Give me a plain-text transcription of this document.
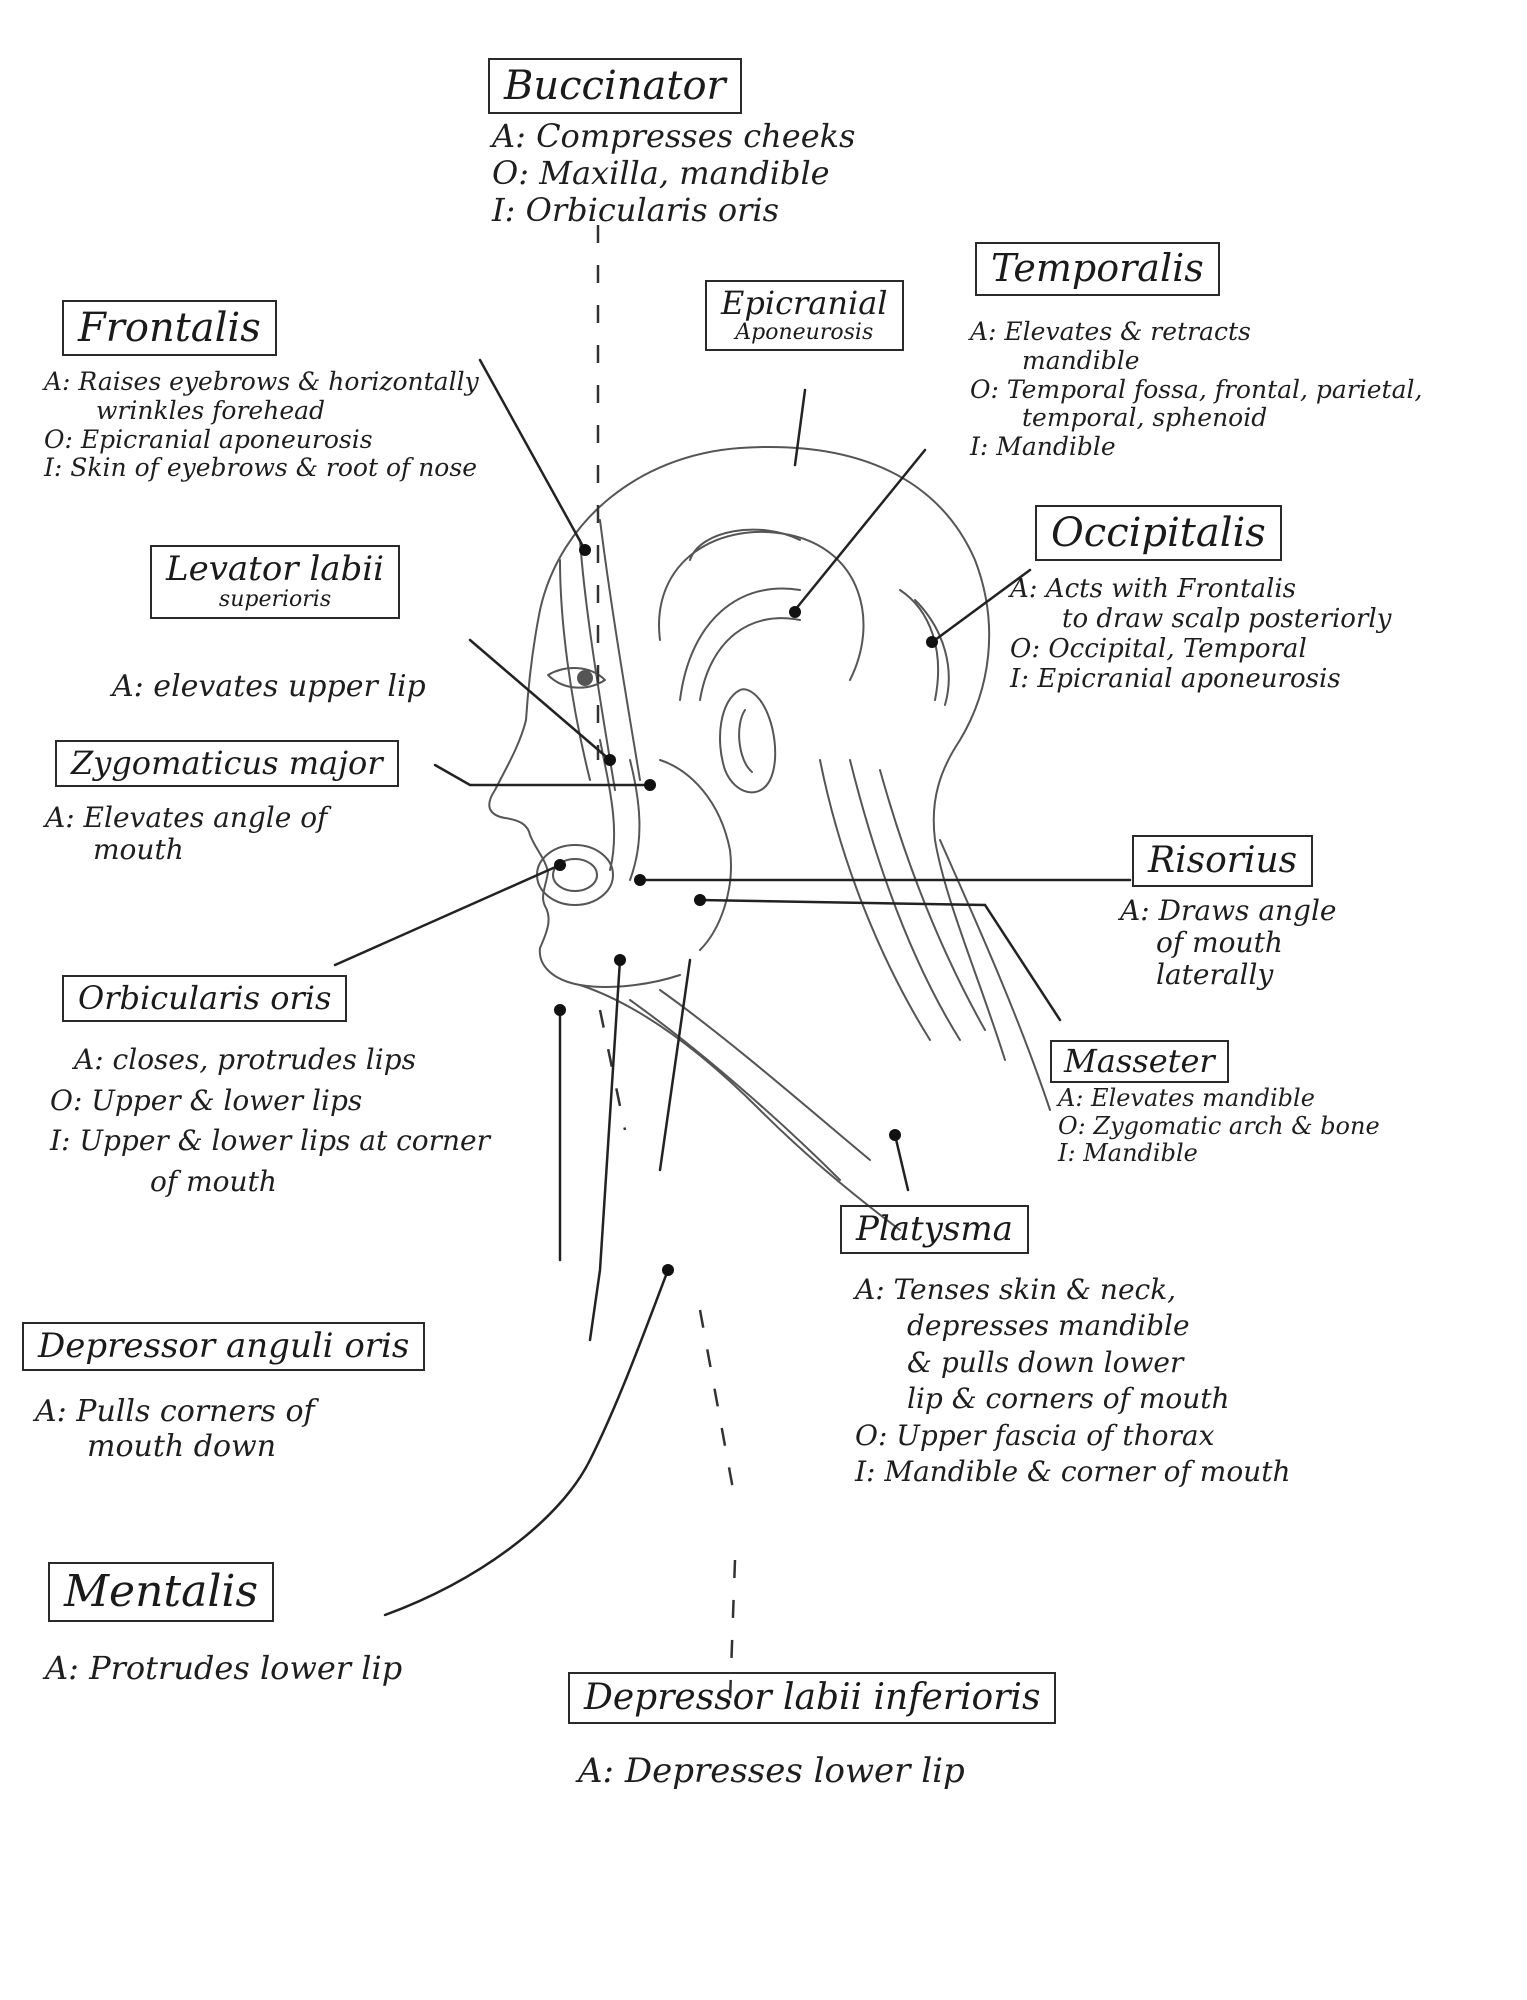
Buccinator
A: Compresses cheeks
O: Maxilla, mandible
I: Orbicularis oris
Frontalis
A: Raises eyebrows & horizontally
wrinkles forehead
O: Epicranial aponeurosis
I: Skin of eyebrows & root of nose
Epicranial
Aponeurosis
Temporalis
A: Elevates & retracts
mandible
O: Temporal fossa, frontal, parietal,
temporal, sphenoid
I: Mandible
Occipitalis
A: Acts with Frontalis
to draw scalp posteriorly
O: Occipital, Temporal
I: Epicranial aponeurosis
Levator labii
superioris
A: elevates upper lip
Zygomaticus major
A: Elevates angle of
mouth	Risorius
A: Draws angle
of mouth
laterally
Orbicularis oris
A: closes, protrudes lips
O: Upper & lower lips
I: Upper & lower lips at corner
of mouth
Masseter
A: Elevates mandible
O: Zygomatic arch & bone
I: Mandible
Platysma
A: Tenses skin & neck,
depresses mandible
& pulls down lower
lip & corners of mouth
O: Upper fascia of thorax
I: Mandible & corner of mouth
Depressor anguli oris
A: Pulls corners of
mouth down
Mentalis
A: Protrudes lower lip
Depressor labii inferioris
A: Depresses lower lip
